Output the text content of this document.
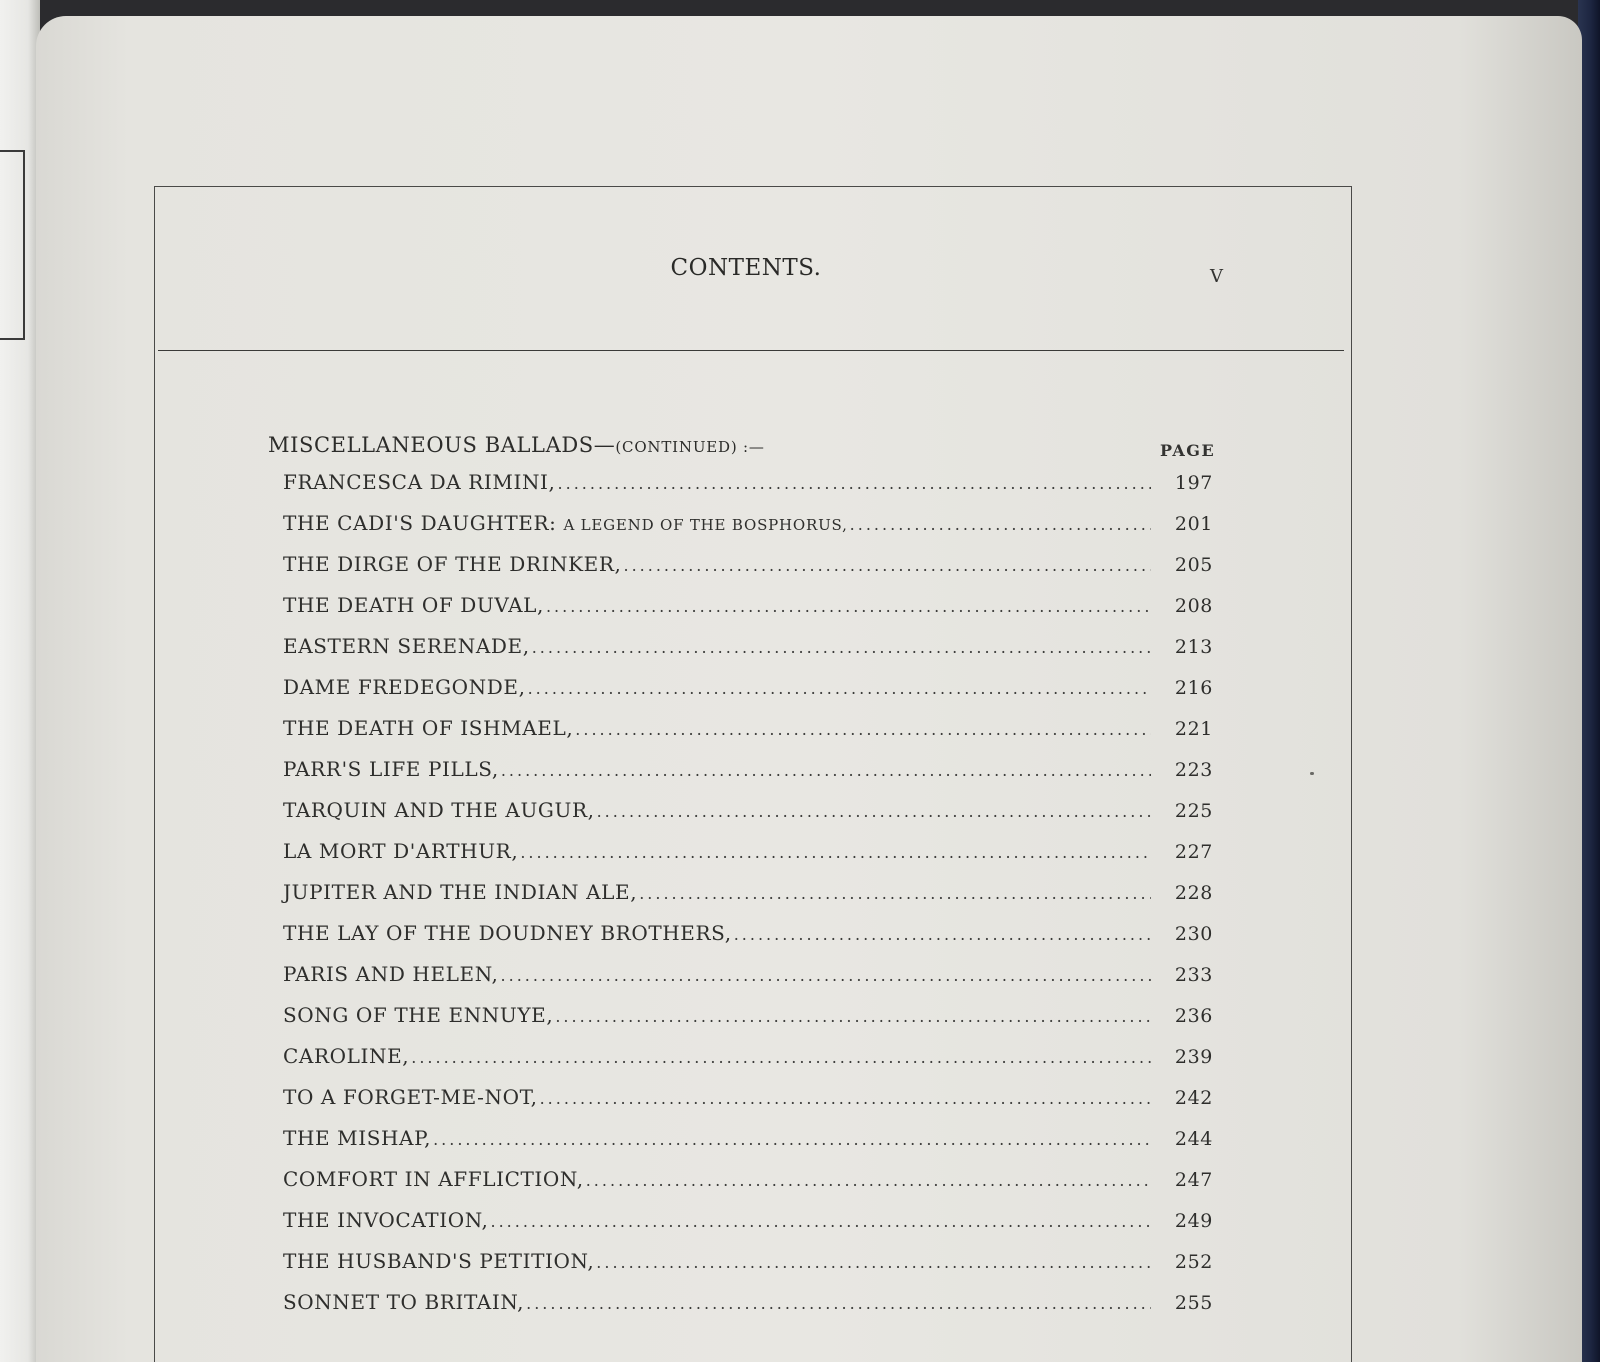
CONTENTS.	V
MISCELLANEOUS BALLADS—(CONTINUED) :—	PAGE
FRANCESCA DA RIMINI, .....	197
THE CADI'S DAUGHTER: A LEGEND OF THE BOSPHORUS, .....	201
THE DIRGE OF THE DRINKER, .....	205
THE DEATH OF DUVAL, .....	208
EASTERN SERENADE, .....	213
DAME FREDEGONDE, .....	216
THE DEATH OF ISHMAEL, .....	221
PARR'S LIFE PILLS, .....	223
TARQUIN AND THE AUGUR, .....	225
LA MORT D'ARTHUR, .....	227
JUPITER AND THE INDIAN ALE, .....	228
THE LAY OF THE DOUDNEY BROTHERS, .....	230
PARIS AND HELEN, .....	233
SONG OF THE ENNUYE, .....	236
CAROLINE, .....	239
TO A FORGET-ME-NOT, .....	242
THE MISHAP, .....	244
COMFORT IN AFFLICTION, .....	247
THE INVOCATION, .....	249
THE HUSBAND'S PETITION, .....	252
SONNET TO BRITAIN, .....	255
